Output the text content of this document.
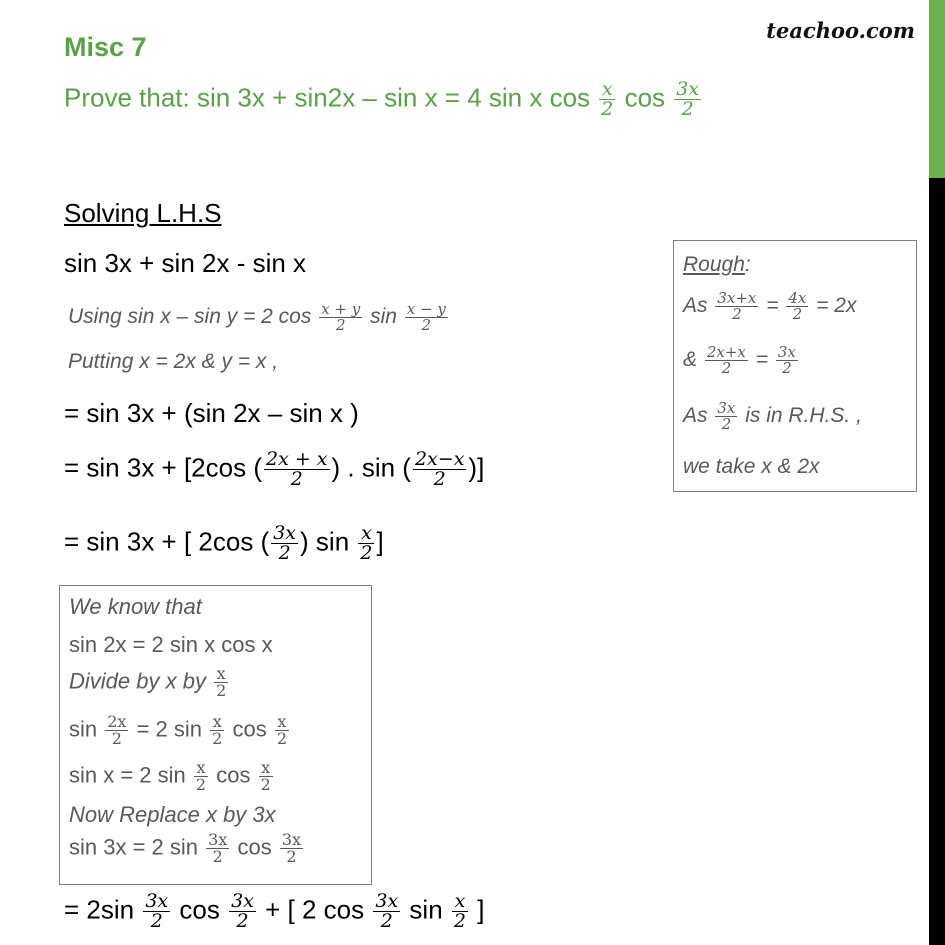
teachoo.com
Misc 7
Prove that: sin 3x + sin2x – sin x = 4 sin x $\cos \frac{x}{2}$ $\cos \frac{3x}{2}$
Solving L.H.S
sin 3x + sin 2x - sin x
Using sin x – sin y = 2 $\cos \frac{x + y}{2}$ $\sin \frac{x - y}{2}$
Putting x = 2x & y = x ,
= sin 3x + (sin 2x – sin x )
= sin 3x + [2cos ( $\frac{2x + x}{2}$ ) . sin ( $\frac{2x-x}{2}$ )]
= sin 3x + [ 2cos ( $\frac{3x}{2}$ ) $\sin \frac{x}{2}$ ]
= $2\sin \frac{3x}{2}$ $\cos \frac{3x}{2}$ + [ 2 $\cos \frac{3x}{2}$ $\sin \frac{x}{2}$ ]
Rough:
As $\frac{3x+x}{2} = \frac{4x}{2} = 2x$
& $\frac{2x+x}{2} = \frac{3x}{2}$
As $\frac{3x}{2}$ is in R.H.S. ,
we take x & 2x
We know that
sin 2x = 2 sin x cos x
Divide by x by $\frac{x}{2}$
$\sin \frac{2x}{2} = 2$ $\sin \frac{x}{2}$ $\cos \frac{x}{2}$
sin x = 2 $\sin \frac{x}{2}$ $\cos \frac{x}{2}$
Now Replace x by 3x
sin 3x = 2 $\sin \frac{3x}{2}$ $\cos \frac{3x}{2}$
